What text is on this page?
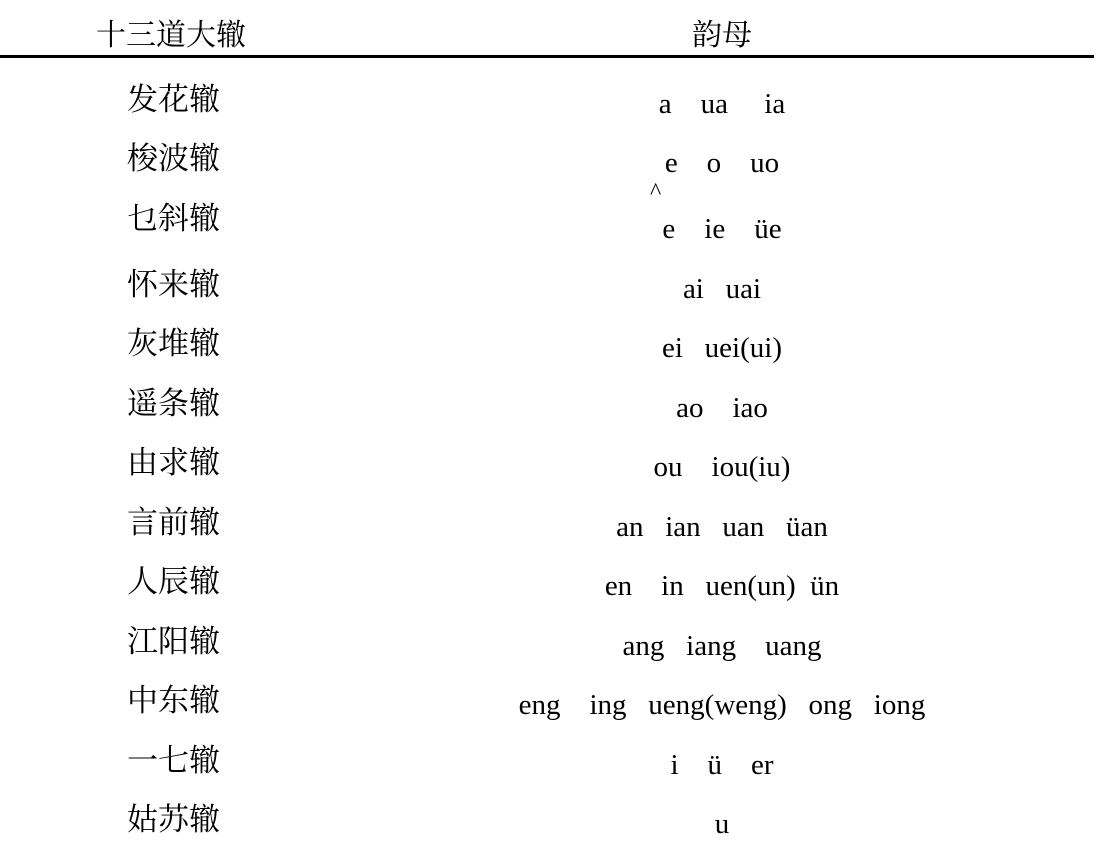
十三道大辙	韵母
发花辙	a    ua     ia
梭波辙	e    o    uo
乜斜辙	e    ie    üe
^
怀来辙	ai   uai
灰堆辙	ei   uei(ui)
遥条辙	ao    iao
由求辙	ou    iou(iu)
言前辙	an   ian   uan   üan
人辰辙	en    in   uen(un)  ün
江阳辙	ang   iang    uang
中东辙	eng    ing   ueng(weng)   ong   iong
一七辙	i    ü    er
姑苏辙	u
